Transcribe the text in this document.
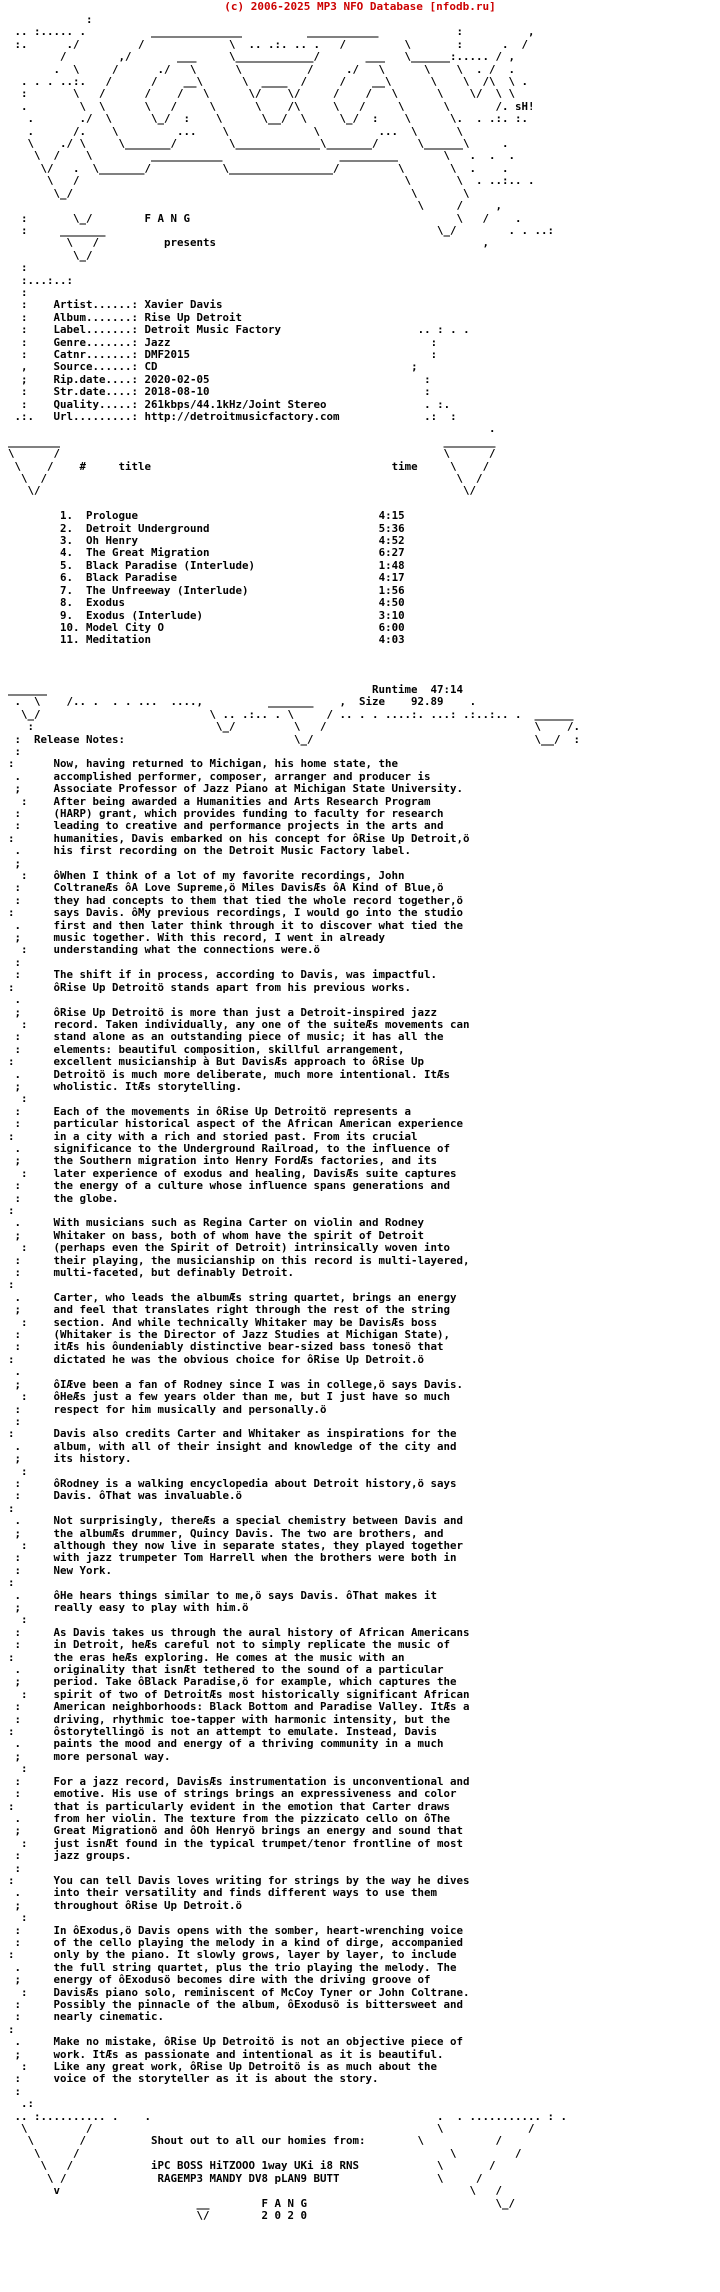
(c) 2006-2025 MP3 NFO Database [nfodb.ru]
:
.. :..... .          ______________          ___________            :          ,
:.      ./         /             \  .. .:. .. .   /         \       :      .  /
/        ,/       ___     \____________/       ___   \______:..... / ,
.  \     /      ./   \      \          /     ./   \      \    \  . /  .
. . . ..:.   /      /    __\      \  ____  /     /    __\      \    \  /\  \ .
:       \   /      /    /   \      \/    \/     /    /   \      \    \/  \ \
.        \  \      \   /     \      \    /\     \   /     \      \       /. sH!
.       ./  \      \_/  :    \      \__/  \     \_/  :    \      \.  . .:. :.
.      /.    \         ...    \             \         ...  \      \
\    ./ \     \_______/        \_____________\_______/      \______\     .
\  /    \         ___________                  _________       \   .  .  .
\/   .  \_______/           \________________/         \       \  .    .
\   /                                                  \       \  . ..:.. .
\_/                                                    \       \
\     /     ,
:       \_/	F A N G	\   /    .
:     _______                                                   \_/        . . ..:
\   /	presents	,
\_/
:
:...:..:
:

:    Artist......: Xavier Davis
:    Album.......: Rise Up Detroit
:    Label.......: Detroit Music Factory	.. : . .
:    Genre.......: Jazz	:
:    Catnr.......: DMF2015	:
,    Source......: CD	;
;    Rip.date....: 2020-02-05	:
:    Str.date....: 2018-08-10	:
:    Quality.....: 261kbps/44.1kHz/Joint Stereo	. :.
.:.   Url.........: http://detroitmusicfactory.com	.:  :
.
________                                                           ________
\      /                                                           \      /
\    /    #	title	time	\    /
\  /                                                               \  /
\/                                                                 \/

1. Prologue	4:15
2. Detroit Underground	5:36
3. Oh Henry	4:52
4. The Great Migration	6:27
5. Black Paradise (Interlude)	1:48
6. Black Paradise	4:17
7. The Unfreeway (Interlude)	1:56
8. Exodus	4:50
9. Exodus (Interlude)	3:10
10. Model City O	6:00
11. Meditation	4:03

______	Runtime 47:14
.  \    /.. .  . . ...  ....,          _______    ,  Size 92.89    .
\_/                          \ .. .:.. . \     / .. . . ....:. ...: .:..:.. .  ______
:                            \_/         \   /                                \    /.
:  Release Notes:	\_/                                  \__/  :

:
:      Now, having returned to Michigan, his home state, the
.     accomplished performer, composer, arranger and producer is
;     Associate Professor of Jazz Piano at Michigan State University.
:    After being awarded a Humanities and Arts Research Program
:     (HARP) grant, which provides funding to faculty for research
:     leading to creative and performance projects in the arts and
:      humanities, Davis embarked on his concept for ôRise Up Detroit,ö
.     his first recording on the Detroit Music Factory label.
;
:    ôWhen I think of a lot of my favorite recordings, John
:     ColtraneÆs ôA Love Supreme,ö Miles DavisÆs ôA Kind of Blue,ö
:     they had concepts to them that tied the whole record together,ö
:      says Davis. ôMy previous recordings, I would go into the studio
.     first and then later think through it to discover what tied the
;     music together. With this record, I went in already
:    understanding what the connections were.ö
:
:     The shift if in process, according to Davis, was impactful.
:      ôRise Up Detroitö stands apart from his previous works.
.
;     ôRise Up Detroitö is more than just a Detroit-inspired jazz
:    record. Taken individually, any one of the suiteÆs movements can
:     stand alone as an outstanding piece of music; it has all the
:     elements: beautiful composition, skillful arrangement,
:      excellent musicianship à But DavisÆs approach to ôRise Up
.     Detroitö is much more deliberate, much more intentional. ItÆs
;     wholistic. ItÆs storytelling.
:
:     Each of the movements in ôRise Up Detroitö represents a
:     particular historical aspect of the African American experience
:      in a city with a rich and storied past. From its crucial
.     significance to the Underground Railroad, to the influence of
;     the Southern migration into Henry FordÆs factories, and its
:    later experience of exodus and healing, DavisÆs suite captures
:     the energy of a culture whose influence spans generations and
:     the globe.
:
.     With musicians such as Regina Carter on violin and Rodney
;     Whitaker on bass, both of whom have the spirit of Detroit
:    (perhaps even the Spirit of Detroit) intrinsically woven into
:     their playing, the musicianship on this record is multi-layered,
:     multi-faceted, but definably Detroit.
:
.     Carter, who leads the albumÆs string quartet, brings an energy
;     and feel that translates right through the rest of the string
:    section. And while technically Whitaker may be DavisÆs boss
:     (Whitaker is the Director of Jazz Studies at Michigan State),
:     itÆs his ôundeniably distinctive bear-sized bass tonesö that
:      dictated he was the obvious choice for ôRise Up Detroit.ö
.
;     ôIÆve been a fan of Rodney since I was in college,ö says Davis.
:    ôHeÆs just a few years older than me, but I just have so much
:     respect for him musically and personally.ö
:
:      Davis also credits Carter and Whitaker as inspirations for the
.     album, with all of their insight and knowledge of the city and
;     its history.
:
:     ôRodney is a walking encyclopedia about Detroit history,ö says
:     Davis. ôThat was invaluable.ö
:
.     Not surprisingly, thereÆs a special chemistry between Davis and
;     the albumÆs drummer, Quincy Davis. The two are brothers, and
:    although they now live in separate states, they played together
:     with jazz trumpeter Tom Harrell when the brothers were both in
:     New York.
:
.     ôHe hears things similar to me,ö says Davis. ôThat makes it
;     really easy to play with him.ö
:
:     As Davis takes us through the aural history of African Americans
:     in Detroit, heÆs careful not to simply replicate the music of
:      the eras heÆs exploring. He comes at the music with an
.     originality that isnÆt tethered to the sound of a particular
;     period. Take ôBlack Paradise,ö for example, which captures the
:    spirit of two of DetroitÆs most historically significant African
:     American neighborhoods: Black Bottom and Paradise Valley. ItÆs a
:     driving, rhythmic toe-tapper with harmonic intensity, but the
:      ôstorytellingö is not an attempt to emulate. Instead, Davis
.     paints the mood and energy of a thriving community in a much
;     more personal way.
:
:     For a jazz record, DavisÆs instrumentation is unconventional and
:     emotive. His use of strings brings an expressiveness and color
:      that is particularly evident in the emotion that Carter draws
.     from her violin. The texture from the pizzicato cello on ôThe
;     Great Migrationö and ôOh Henryö brings an energy and sound that
:    just isnÆt found in the typical trumpet/tenor frontline of most
:     jazz groups.
:
:      You can tell Davis loves writing for strings by the way he dives
.     into their versatility and finds different ways to use them
;     throughout ôRise Up Detroit.ö
:
:     In ôExodus,ö Davis opens with the somber, heart-wrenching voice
:     of the cello playing the melody in a kind of dirge, accompanied
:      only by the piano. It slowly grows, layer by layer, to include
.     the full string quartet, plus the trio playing the melody. The
;     energy of ôExodusö becomes dire with the driving groove of
:    DavisÆs piano solo, reminiscent of McCoy Tyner or John Coltrane.
:     Possibly the pinnacle of the album, ôExodusö is bittersweet and
:     nearly cinematic.
:
.     Make no mistake, ôRise Up Detroitö is not an objective piece of
;     work. ItÆs as passionate and intentional as it is beautiful.
:    Like any great work, ôRise Up Detroitö is as much about the
:     voice of the storyteller as it is about the story.
:

.:
.. :.......... .    .                                            .  . ........... : .
\         /                                                     \             /
\       /	Shout out to all our homies from:	\           /
\     /                                                         \         /
\   /	iPC BOSS HiTZOOO 1way UKi i8 RNS	\       /
\ /	RAGEMP3 MANDY DV8 pLAN9 BUTT	\     /
v                                                               \   /
__	F A N G	\_/
\/	2 0 2 0
